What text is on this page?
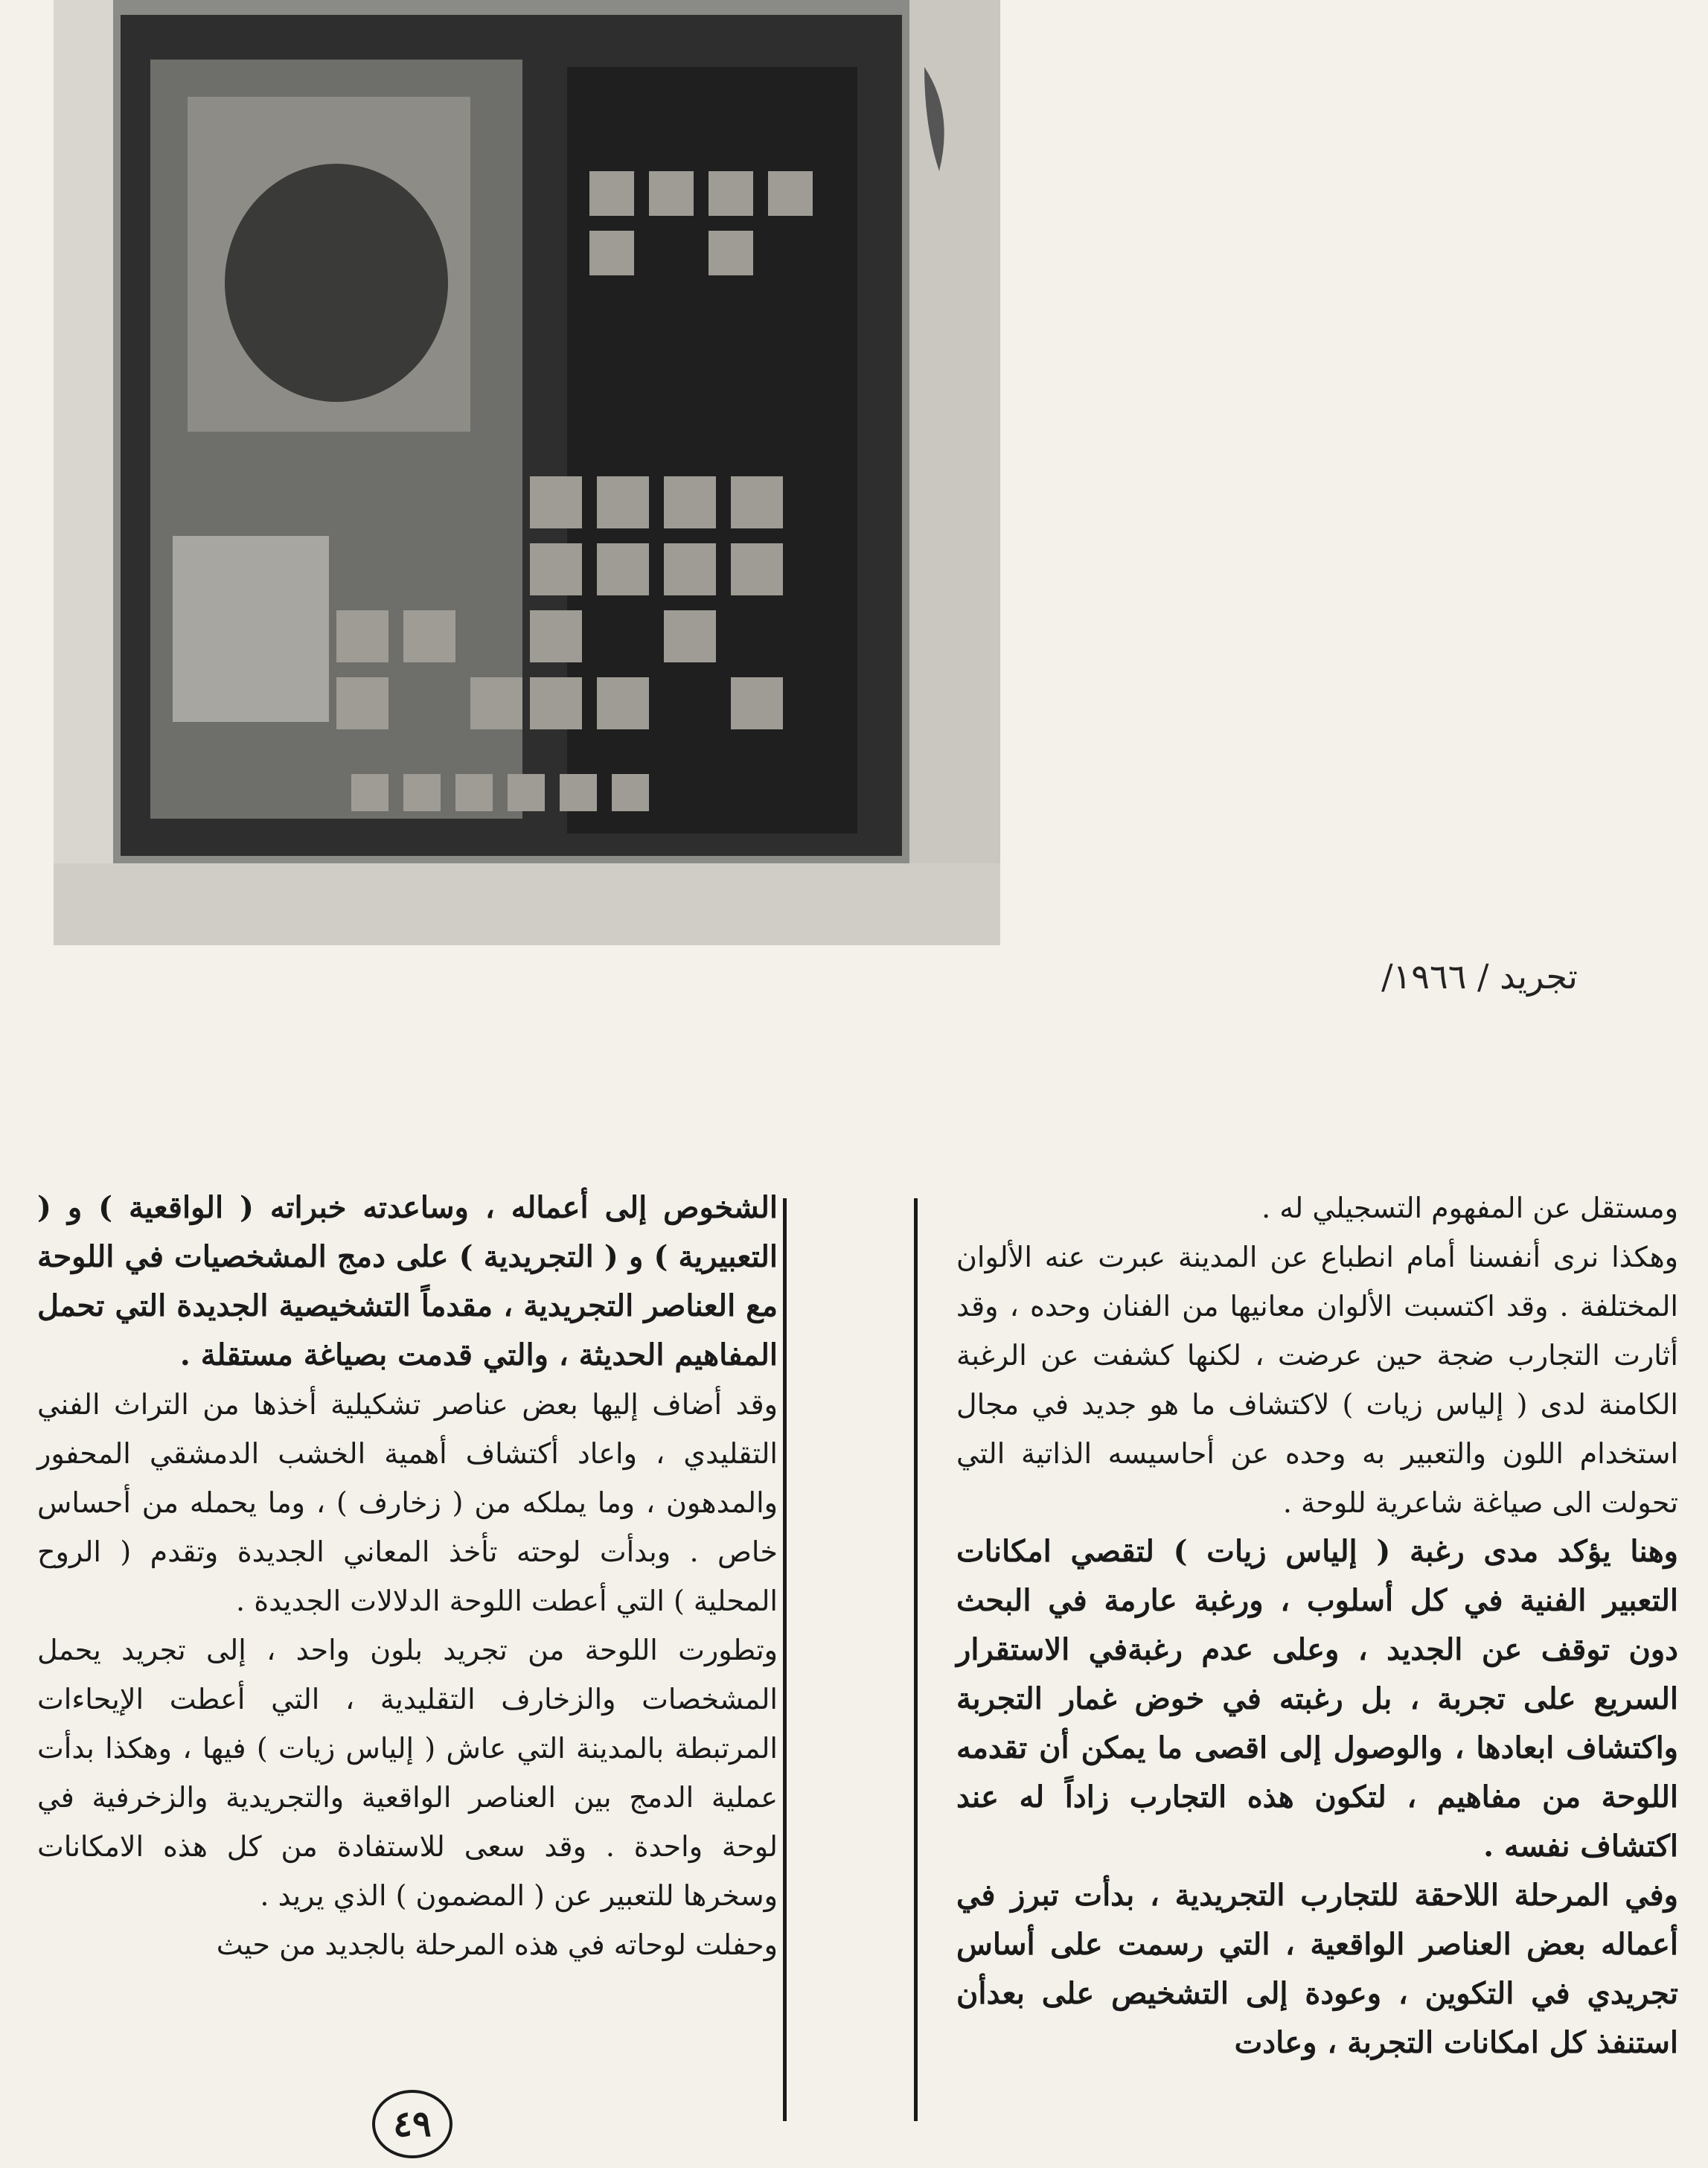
تجريد / ١٩٦٦/

ومستقل عن المفهوم التسجيلي له .

وهكذا نرى أنفسنا أمام انطباع عن المدينة عبرت عنه الألوان المختلفة . وقد اكتسبت الألوان معانيها من الفنان وحده ، وقد أثارت التجارب ضجة حين عرضت ، لكنها كشفت عن الرغبة الكامنة لدى ( إلياس زيات ) لاكتشاف ما هو جديد في مجال استخدام اللون والتعبير به وحده عن أحاسيسه الذاتية التي تحولت الى صياغة شاعرية للوحة .

وهنا يؤكد مدى رغبة ( إلياس زيات ) لتقصي امكانات التعبير الفنية في كل أسلوب ، ورغبة عارمة في البحث دون توقف عن الجديد ، وعلى عدم رغبةفي الاستقرار السريع على تجربة ، بل رغبته في خوض غمار التجربة واكتشاف ابعادها ، والوصول إلى اقصى ما يمكن أن تقدمه اللوحة من مفاهيم ، لتكون هذه التجارب زاداً له عند اكتشاف نفسه .

وفي المرحلة اللاحقة للتجارب التجريدية ، بدأت تبرز في أعماله بعض العناصر الواقعية ، التي رسمت على أساس تجريدي في التكوين ، وعودة إلى التشخيص على بعدأن استنفذ كل امكانات التجربة ، وعادت

الشخوص إلى أعماله ، وساعدته خبراته ( الواقعية ) و ( التعبيرية ) و ( التجريدية ) على دمج المشخصيات في اللوحة مع العناصر التجريدية ، مقدماً التشخيصية الجديدة التي تحمل المفاهيم الحديثة ، والتي قدمت بصياغة مستقلة .

وقد أضاف إليها بعض عناصر تشكيلية أخذها من التراث الفني التقليدي ، واعاد أكتشاف أهمية الخشب الدمشقي المحفور والمدهون ، وما يملكه من ( زخارف ) ، وما يحمله من أحساس خاص . وبدأت لوحته تأخذ المعاني الجديدة وتقدم ( الروح المحلية ) التي أعطت اللوحة الدلالات الجديدة .

وتطورت اللوحة من تجريد بلون واحد ، إلى تجريد يحمل المشخصات والزخارف التقليدية ، التي أعطت الإيحاءات المرتبطة بالمدينة التي عاش ( إلياس زيات ) فيها ، وهكذا بدأت عملية الدمج بين العناصر الواقعية والتجريدية والزخرفية في لوحة واحدة . وقد سعى للاستفادة من كل هذه الامكانات وسخرها للتعبير عن ( المضمون ) الذي يريد .

وحفلت لوحاته في هذه المرحلة بالجديد من حيث

٤٩
